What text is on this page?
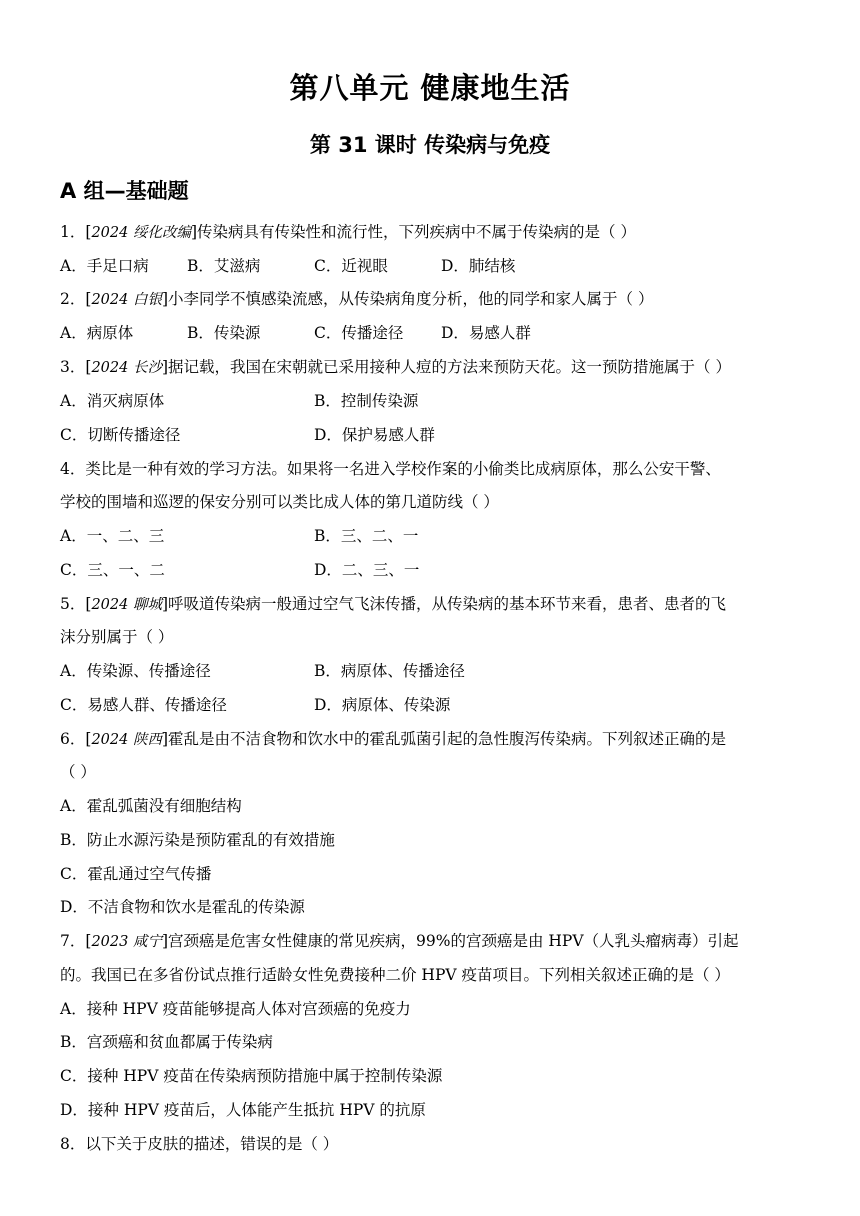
第八单元 健康地生活
第 31 课时 传染病与免疫
A 组—基础题
1．[2024 绥化改编]传染病具有传染性和流行性，下列疾病中不属于传染病的是（ ）
A．手足口病 B．艾滋病	C．近视眼	D．肺结核
2．[2024 白银]小李同学不慎感染流感，从传染病角度分析，他的同学和家人属于（ ）
A．病原体	B．传染源	C．传播途径 D．易感人群
3．[2024 长沙]据记载，我国在宋朝就已采用接种人痘的方法来预防天花。这一预防措施属于（ ）
A．消灭病原体	B．控制传染源
C．切断传播途径	D．保护易感人群
4．类比是一种有效的学习方法。如果将一名进入学校作案的小偷类比成病原体，那么公安干警、
学校的围墙和巡逻的保安分别可以类比成人体的第几道防线（ ）
A．一、二、三	B．三、二、一
C．三、一、二	D．二、三、一
5．[2024 聊城]呼吸道传染病一般通过空气飞沫传播，从传染病的基本环节来看，患者、患者的飞
沫分别属于（ ）
A．传染源、传播途径	B．病原体、传播途径
C．易感人群、传播途径	D．病原体、传染源
6．[2024 陕西]霍乱是由不洁食物和饮水中的霍乱弧菌引起的急性腹泻传染病。下列叙述正确的是
（ ）
A．霍乱弧菌没有细胞结构
B．防止水源污染是预防霍乱的有效措施
C．霍乱通过空气传播
D．不洁食物和饮水是霍乱的传染源
7．[2023 咸宁]宫颈癌是危害女性健康的常见疾病，99%的宫颈癌是由 HPV（人乳头瘤病毒）引起
的。我国已在多省份试点推行适龄女性免费接种二价 HPV 疫苗项目。下列相关叙述正确的是（ ）
A．接种 HPV 疫苗能够提高人体对宫颈癌的免疫力
B．宫颈癌和贫血都属于传染病
C．接种 HPV 疫苗在传染病预防措施中属于控制传染源
D．接种 HPV 疫苗后，人体能产生抵抗 HPV 的抗原
8．以下关于皮肤的描述，错误的是（ ）
